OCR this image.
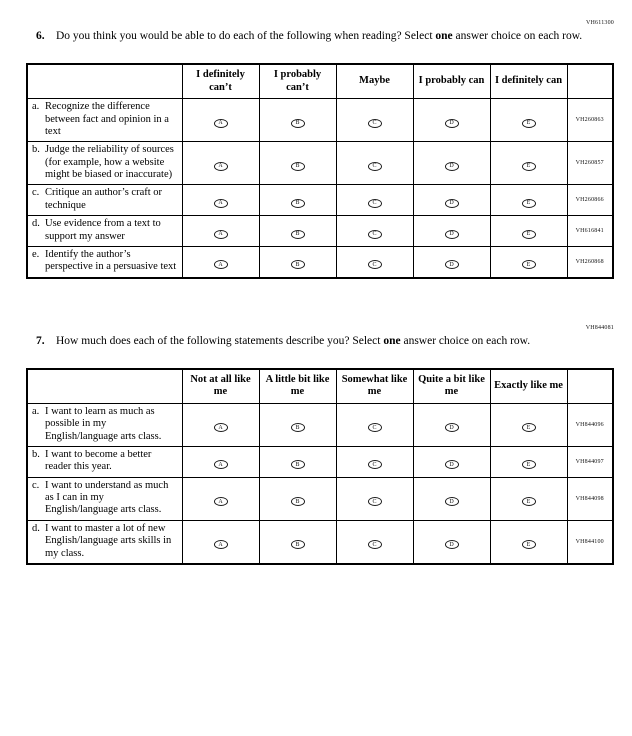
VH611300
6. Do you think you would be able to do each of the following when reading? Select one answer choice on each row.
	I definitely can’t	I probably can’t	Maybe	I probably can	I definitely can	
a. Recognize the difference between fact and opinion in a text	A	B	C	D	E	VH260863
b. Judge the reliability of sources (for example, how a website might be biased or inaccurate)	A	B	C	D	E	VH260857
c. Critique an author’s craft or technique	A	B	C	D	E	VH260866
d. Use evidence from a text to support my answer	A	B	C	D	E	VH616841
e. Identify the author’s perspective in a persuasive text	A	B	C	D	E	VH260868
VH844081
7. How much does each of the following statements describe you? Select one answer choice on each row.
	Not at all like me	A little bit like me	Somewhat like me	Quite a bit like me	Exactly like me	
a. I want to learn as much as possible in my English/language arts class.	A	B	C	D	E	VH844096
b. I want to become a better reader this year.	A	B	C	D	E	VH844097
c. I want to understand as much as I can in my English/language arts class.	A	B	C	D	E	VH844098
d. I want to master a lot of new English/language arts skills in my class.	A	B	C	D	E	VH844100
